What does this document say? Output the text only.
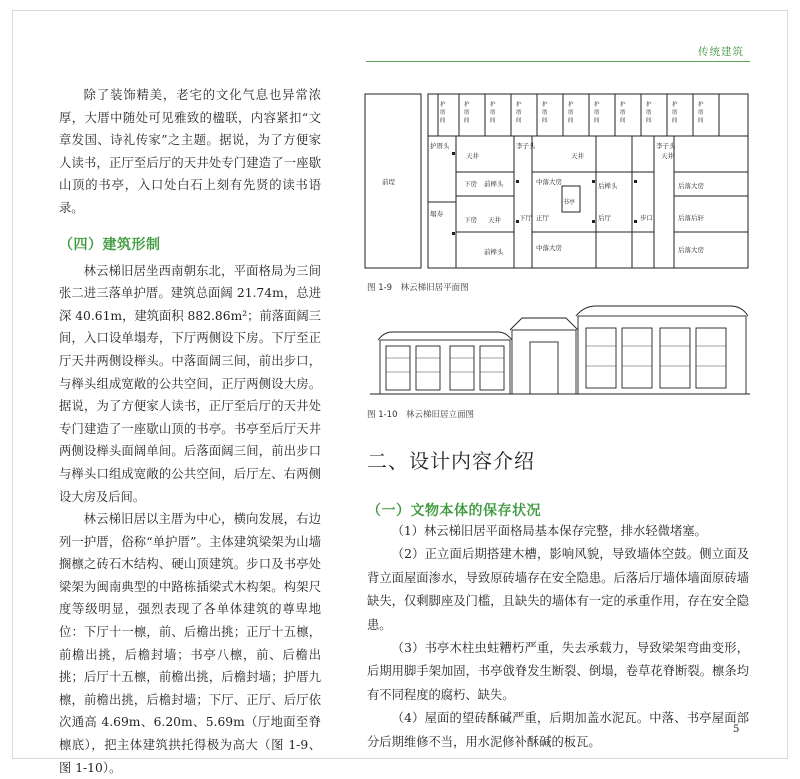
传统建筑

除了装饰精美，老宅的文化气息也异常浓厚，大厝中随处可见雅致的楹联，内容紧扣“文章发国、诗礼传家”之主题。据说，为了方便家人读书，正厅至后厅的天井处专门建造了一座歇山顶的书亭，入口处白石上刻有先贤的读书语录。

（四）建筑形制

林云梯旧居坐西南朝东北，平面格局为三间张二进三落单护厝。建筑总面阔 21.74m，总进深 40.61m，建筑面积 882.86m²；前落面阔三间，入口设单塌寿，下厅两侧设下房。下厅至正厅天井两侧设榉头。中落面阔三间，前出步口，与榉头组成宽敞的公共空间，正厅两侧设大房。据说，为了方便家人读书，正厅至后厅的天井处专门建造了一座歇山顶的书亭。书亭至后厅天井两侧设榉头面阔单间。后落面阔三间，前出步口与榉头口组成宽敞的公共空间，后厅左、右两侧设大房及后间。

林云梯旧居以主厝为中心，横向发展，右边列一护厝，俗称“单护厝”。主体建筑梁架为山墙搁檩之砖石木结构、硬山顶建筑。步口及书亭处梁架为闽南典型的中路栋插梁式木构架。构架尺度等级明显，强烈表现了各单体建筑的尊卑地位：下厅十一檩，前、后檐出挑；正厅十五檩，前檐出挑，后檐封墙；书亭八檩，前、后檐出挑；后厅十五檩，前檐出挑，后檐封墙；护厝九檩，前檐出挑，后檐封墙；下厅、正厅、后厅依次通高 4.69m、6.20m、5.69m（厅地面至脊檩底），把主体建筑拱托得极为高大（图 1-9、图 1-10）。

前埕
天井
下房 前榉头
塌寿
下房 天井
前榉头
下厅
天井
中落大房
中落大房
正厅
书亭
后榉头
后厅	步口
天井
后落大房
后落后轩
后落大房
护厝头	李子头	李子头
护
厝
间
护
厝
间
护
厝
间
护
厝
间
护
厝
间
护
厝
间
护
厝
间
护
厝
间
护
厝
间
护
厝
间
护
厝
间
图 1-9　林云梯旧居平面图
图 1-10　林云梯旧居立面图
二、设计内容介绍
（一）文物本体的保存状况

（1）林云梯旧居平面格局基本保存完整，排水轻微堵塞。

（2）正立面后期搭建木槽，影响风貌，导致墙体空鼓。侧立面及背立面屋面渗水，导致原砖墙存在安全隐患。后落后厅墙体墙面原砖墙缺失，仅剩脚座及门槛，且缺失的墙体有一定的承重作用，存在安全隐患。

（3）书亭木柱虫蛀糟朽严重，失去承载力，导致梁架弯曲变形，后期用脚手架加固，书亭戗脊发生断裂、倒塌，卷草花脊断裂。檩条均有不同程度的腐朽、缺失。

（4）屋面的望砖酥碱严重，后期加盖水泥瓦。中落、书亭屋面部分后期维修不当，用水泥修补酥碱的板瓦。

5
